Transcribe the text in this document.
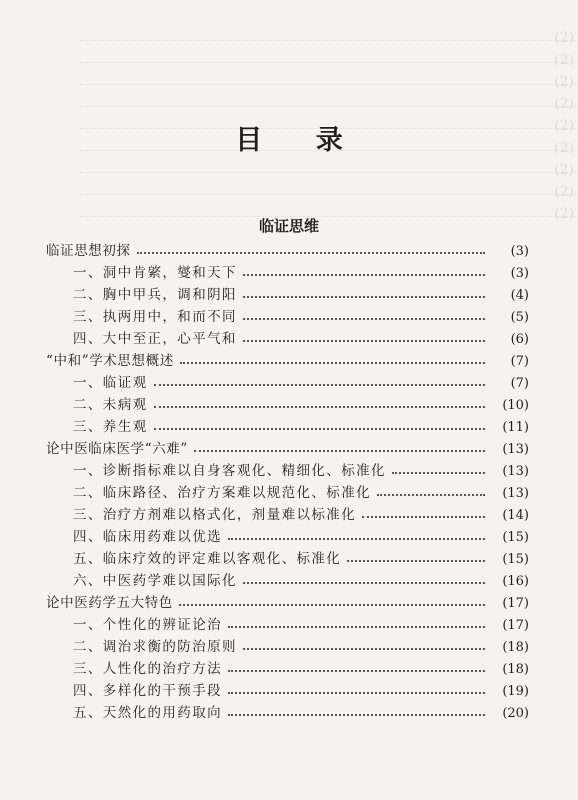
(2)
(2)
(2)
(2)
(2)
(2)
(2)
(2)
(2)
目 录
临证思维
临证思想初探	(3)
一、洞中肯綮，燮和天下	(3)
二、胸中甲兵，调和阴阳	(4)
三、执两用中，和而不同	(5)
四、大中至正，心平气和	(6)
“中和”学术思想概述	(7)
一、临证观	(7)
二、未病观	(10)
三、养生观	(11)
论中医临床医学“六难”	(13)
一、诊断指标难以自身客观化、精细化、标准化	(13)
二、临床路径、治疗方案难以规范化、标准化	(13)
三、治疗方剂难以格式化，剂量难以标准化	(14)
四、临床用药难以优选	(15)
五、临床疗效的评定难以客观化、标准化	(15)
六、中医药学难以国际化	(16)
论中医药学五大特色	(17)
一、个性化的辨证论治	(17)
二、调治求衡的防治原则	(18)
三、人性化的治疗方法	(18)
四、多样化的干预手段	(19)
五、天然化的用药取向	(20)
